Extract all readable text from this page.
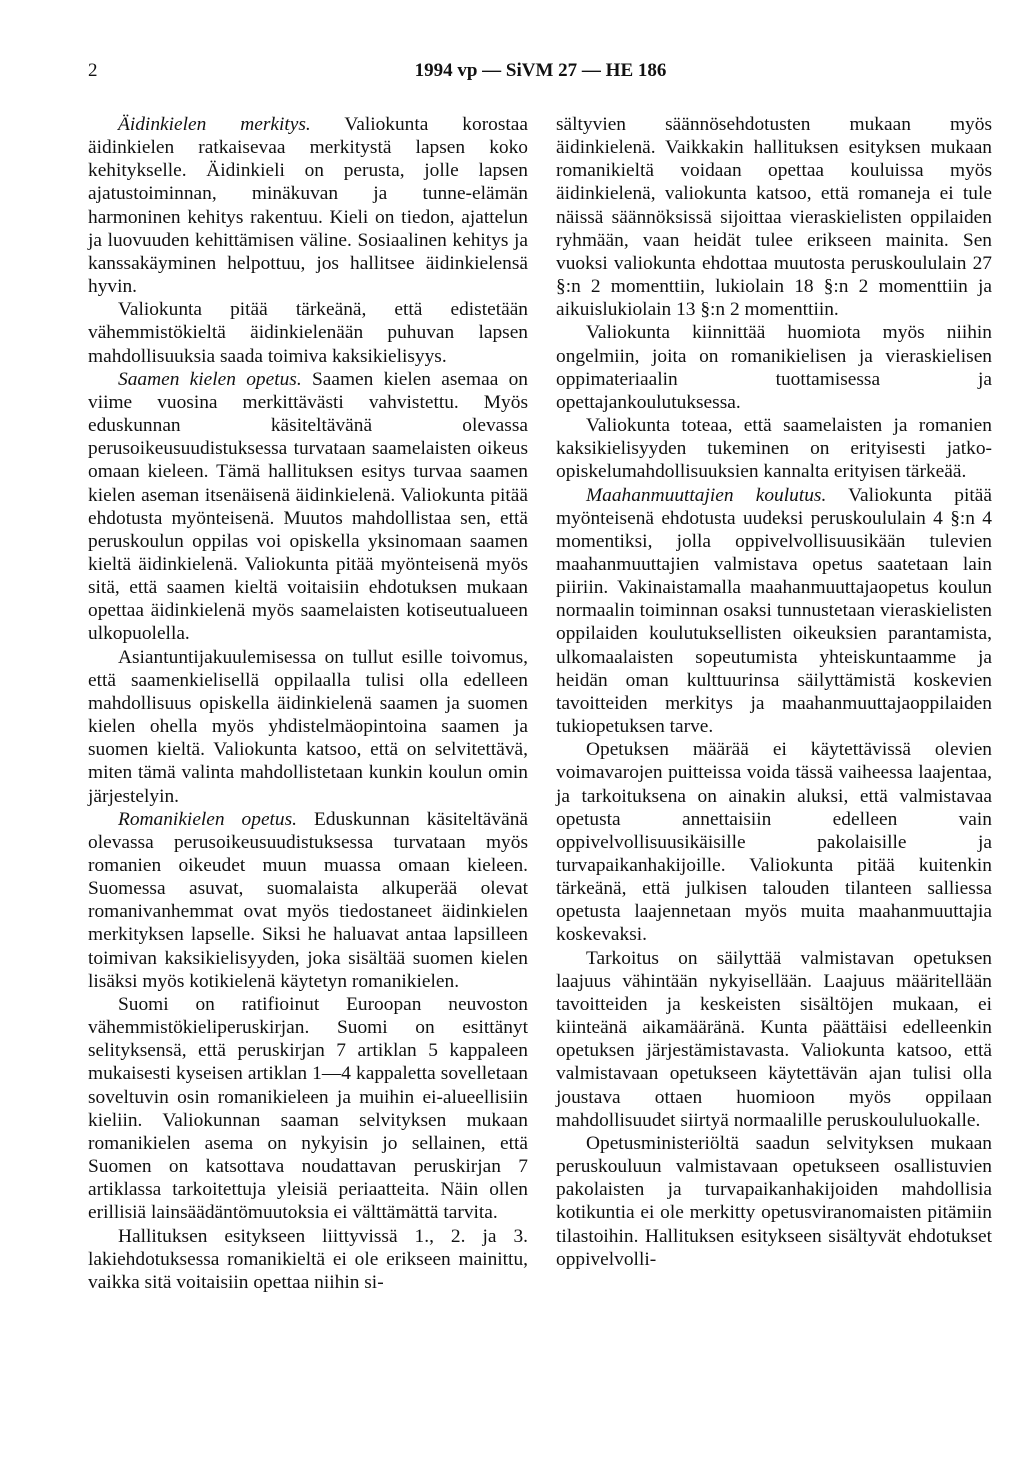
2	1994 vp — SiVM 27 — HE 186

Äidinkielen merkitys. Valiokunta korostaa äidinkielen ratkaisevaa merkitystä lapsen koko kehitykselle. Äidinkieli on perusta, jolle lapsen ajatustoiminnan, minäkuvan ja tunne-elämän harmoninen kehitys rakentuu. Kieli on tiedon, ajattelun ja luovuuden kehittämisen väline. Sosiaalinen kehitys ja kanssakäyminen helpottuu, jos hallitsee äidinkielensä hyvin.

Valiokunta pitää tärkeänä, että edistetään vähemmistökieltä äidinkielenään puhuvan lapsen mahdollisuuksia saada toimiva kaksikielisyys.

Saamen kielen opetus. Saamen kielen asemaa on viime vuosina merkittävästi vahvistettu. Myös eduskunnan käsiteltävänä olevassa perusoikeusuudistuksessa turvataan saamelaisten oikeus omaan kieleen. Tämä hallituksen esitys turvaa saamen kielen aseman itsenäisenä äidinkielenä. Valiokunta pitää ehdotusta myönteisenä. Muutos mahdollistaa sen, että peruskoulun oppilas voi opiskella yksinomaan saamen kieltä äidinkielenä. Valiokunta pitää myönteisenä myös sitä, että saamen kieltä voitaisiin ehdotuksen mukaan opettaa äidinkielenä myös saamelaisten kotiseutualueen ulkopuolella.

Asiantuntijakuulemisessa on tullut esille toivomus, että saamenkielisellä oppilaalla tulisi olla edelleen mahdollisuus opiskella äidinkielenä saamen ja suomen kielen ohella myös yhdistelmäopintoina saamen ja suomen kieltä. Valiokunta katsoo, että on selvitettävä, miten tämä valinta mahdollistetaan kunkin koulun omin järjestelyin.

Romanikielen opetus. Eduskunnan käsiteltävänä olevassa perusoikeusuudistuksessa turvataan myös romanien oikeudet muun muassa omaan kieleen. Suomessa asuvat, suomalaista alkuperää olevat romanivanhemmat ovat myös tiedostaneet äidinkielen merkityksen lapselle. Siksi he haluavat antaa lapsilleen toimivan kaksikielisyyden, joka sisältää suomen kielen lisäksi myös kotikielenä käytetyn romanikielen.

Suomi on ratifioinut Euroopan neuvoston vähemmistökieliperuskirjan. Suomi on esittänyt selityksensä, että peruskirjan 7 artiklan 5 kappaleen mukaisesti kyseisen artiklan 1—4 kappaletta sovelletaan soveltuvin osin romanikieleen ja muihin ei-alueellisiin kieliin. Valiokunnan saaman selvityksen mukaan romanikielen asema on nykyisin jo sellainen, että Suomen on katsottava noudattavan peruskirjan 7 artiklassa tarkoitettuja yleisiä periaatteita. Näin ollen erillisiä lainsäädäntömuutoksia ei välttämättä tarvita.

Hallituksen esitykseen liittyvissä 1., 2. ja 3. lakiehdotuksessa romanikieltä ei ole erikseen mainittu, vaikka sitä voitaisiin opettaa niihin si-

sältyvien säännösehdotusten mukaan myös äidinkielenä. Vaikkakin hallituksen esityksen mukaan romanikieltä voidaan opettaa kouluissa myös äidinkielenä, valiokunta katsoo, että romaneja ei tule näissä säännöksissä sijoittaa vieraskielisten oppilaiden ryhmään, vaan heidät tulee erikseen mainita. Sen vuoksi valiokunta ehdottaa muutosta peruskoululain 27 §:n 2 momenttiin, lukiolain 18 §:n 2 momenttiin ja aikuislukiolain 13 §:n 2 momenttiin.

Valiokunta kiinnittää huomiota myös niihin ongelmiin, joita on romanikielisen ja vieraskielisen oppimateriaalin tuottamisessa ja opettajankoulutuksessa.

Valiokunta toteaa, että saamelaisten ja romanien kaksikielisyyden tukeminen on erityisesti jatko-opiskelumahdollisuuksien kannalta erityisen tärkeää.

Maahanmuuttajien koulutus. Valiokunta pitää myönteisenä ehdotusta uudeksi peruskoululain 4 §:n 4 momentiksi, jolla oppivelvollisuusikään tulevien maahanmuuttajien valmistava opetus saatetaan lain piiriin. Vakinaistamalla maahanmuuttajaopetus koulun normaalin toiminnan osaksi tunnustetaan vieraskielisten oppilaiden koulutuksellisten oikeuksien parantamista, ulkomaalaisten sopeutumista yhteiskuntaamme ja heidän oman kulttuurinsa säilyttämistä koskevien tavoitteiden merkitys ja maahanmuuttajaoppilaiden tukiopetuksen tarve.

Opetuksen määrää ei käytettävissä olevien voimavarojen puitteissa voida tässä vaiheessa laajentaa, ja tarkoituksena on ainakin aluksi, että valmistavaa opetusta annettaisiin edelleen vain oppivelvollisuusikäisille pakolaisille ja turvapaikanhakijoille. Valiokunta pitää kuitenkin tärkeänä, että julkisen talouden tilanteen salliessa opetusta laajennetaan myös muita maahanmuuttajia koskevaksi.

Tarkoitus on säilyttää valmistavan opetuksen laajuus vähintään nykyisellään. Laajuus määritellään tavoitteiden ja keskeisten sisältöjen mukaan, ei kiinteänä aikamääränä. Kunta päättäisi edelleenkin opetuksen järjestämistavasta. Valiokunta katsoo, että valmistavaan opetukseen käytettävän ajan tulisi olla joustava ottaen huomioon myös oppilaan mahdollisuudet siirtyä normaalille peruskoululuokalle.

Opetusministeriöltä saadun selvityksen mukaan peruskouluun valmistavaan opetukseen osallistuvien pakolaisten ja turvapaikanhakijoiden mahdollisia kotikuntia ei ole merkitty opetusviranomaisten pitämiin tilastoihin. Hallituksen esitykseen sisältyvät ehdotukset oppivelvolli-
